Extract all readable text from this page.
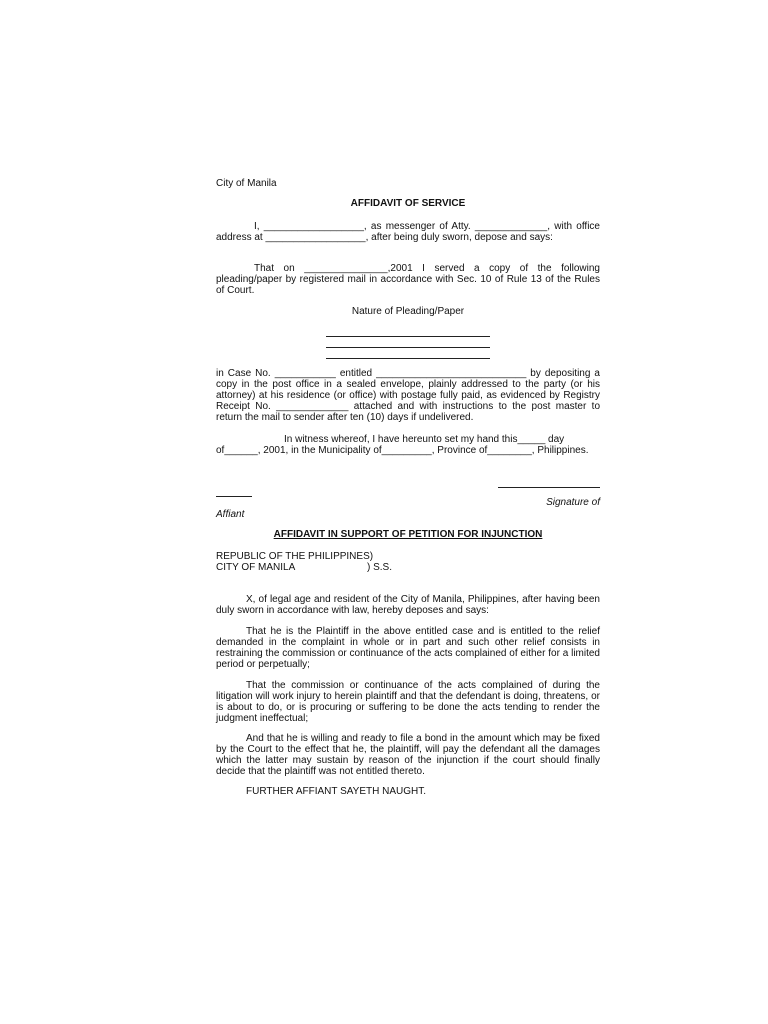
City of Manila

AFFIDAVIT OF SERVICE

I, __________________, as messenger of Atty. _____________, with office address at __________________, after being duly sworn, depose and says:

That on _______________,2001 I served a copy of the following pleading/paper by registered mail in accordance with Sec. 10 of Rule 13 of the Rules of Court.

Nature of Pleading/Paper

in Case No. ___________ entitled ___________________________ by depositing a copy in the post office in a sealed envelope, plainly addressed to the party (or his attorney) at his residence (or office) with postage fully paid, as evidenced by Registry Receipt No. _____________ attached and with instructions to the post master to return the mail to sender after ten (10) days if undelivered.

In witness whereof, I have hereunto set my hand this_____ day

of______, 2001, in the Municipality of_________, Province of________, Philippines.

Signature of

Affiant

AFFIDAVIT IN SUPPORT OF PETITION FOR INJUNCTION

REPUBLIC OF THE PHILIPPINES)

CITY OF MANILA	) S.S.

X, of legal age and resident of the City of Manila, Philippines, after having been duly sworn in accordance with law, hereby deposes and says:

That he is the Plaintiff in the above entitled case and is entitled to the relief demanded in the complaint in whole or in part and such other relief consists in restraining the commission or continuance of the acts complained of either for a limited period or perpetually;

That the commission or continuance of the acts complained of during the litigation will work injury to herein plaintiff and that the defendant is doing, threatens, or is about to do, or is procuring or suffering to be done the acts tending to render the judgment ineffectual;

And that he is willing and ready to file a bond in the amount which may be fixed by the Court to the effect that he, the plaintiff, will pay the defendant all the damages which the latter may sustain by reason of the injunction if the court should finally decide that the plaintiff was not entitled thereto.

FURTHER AFFIANT SAYETH NAUGHT.
